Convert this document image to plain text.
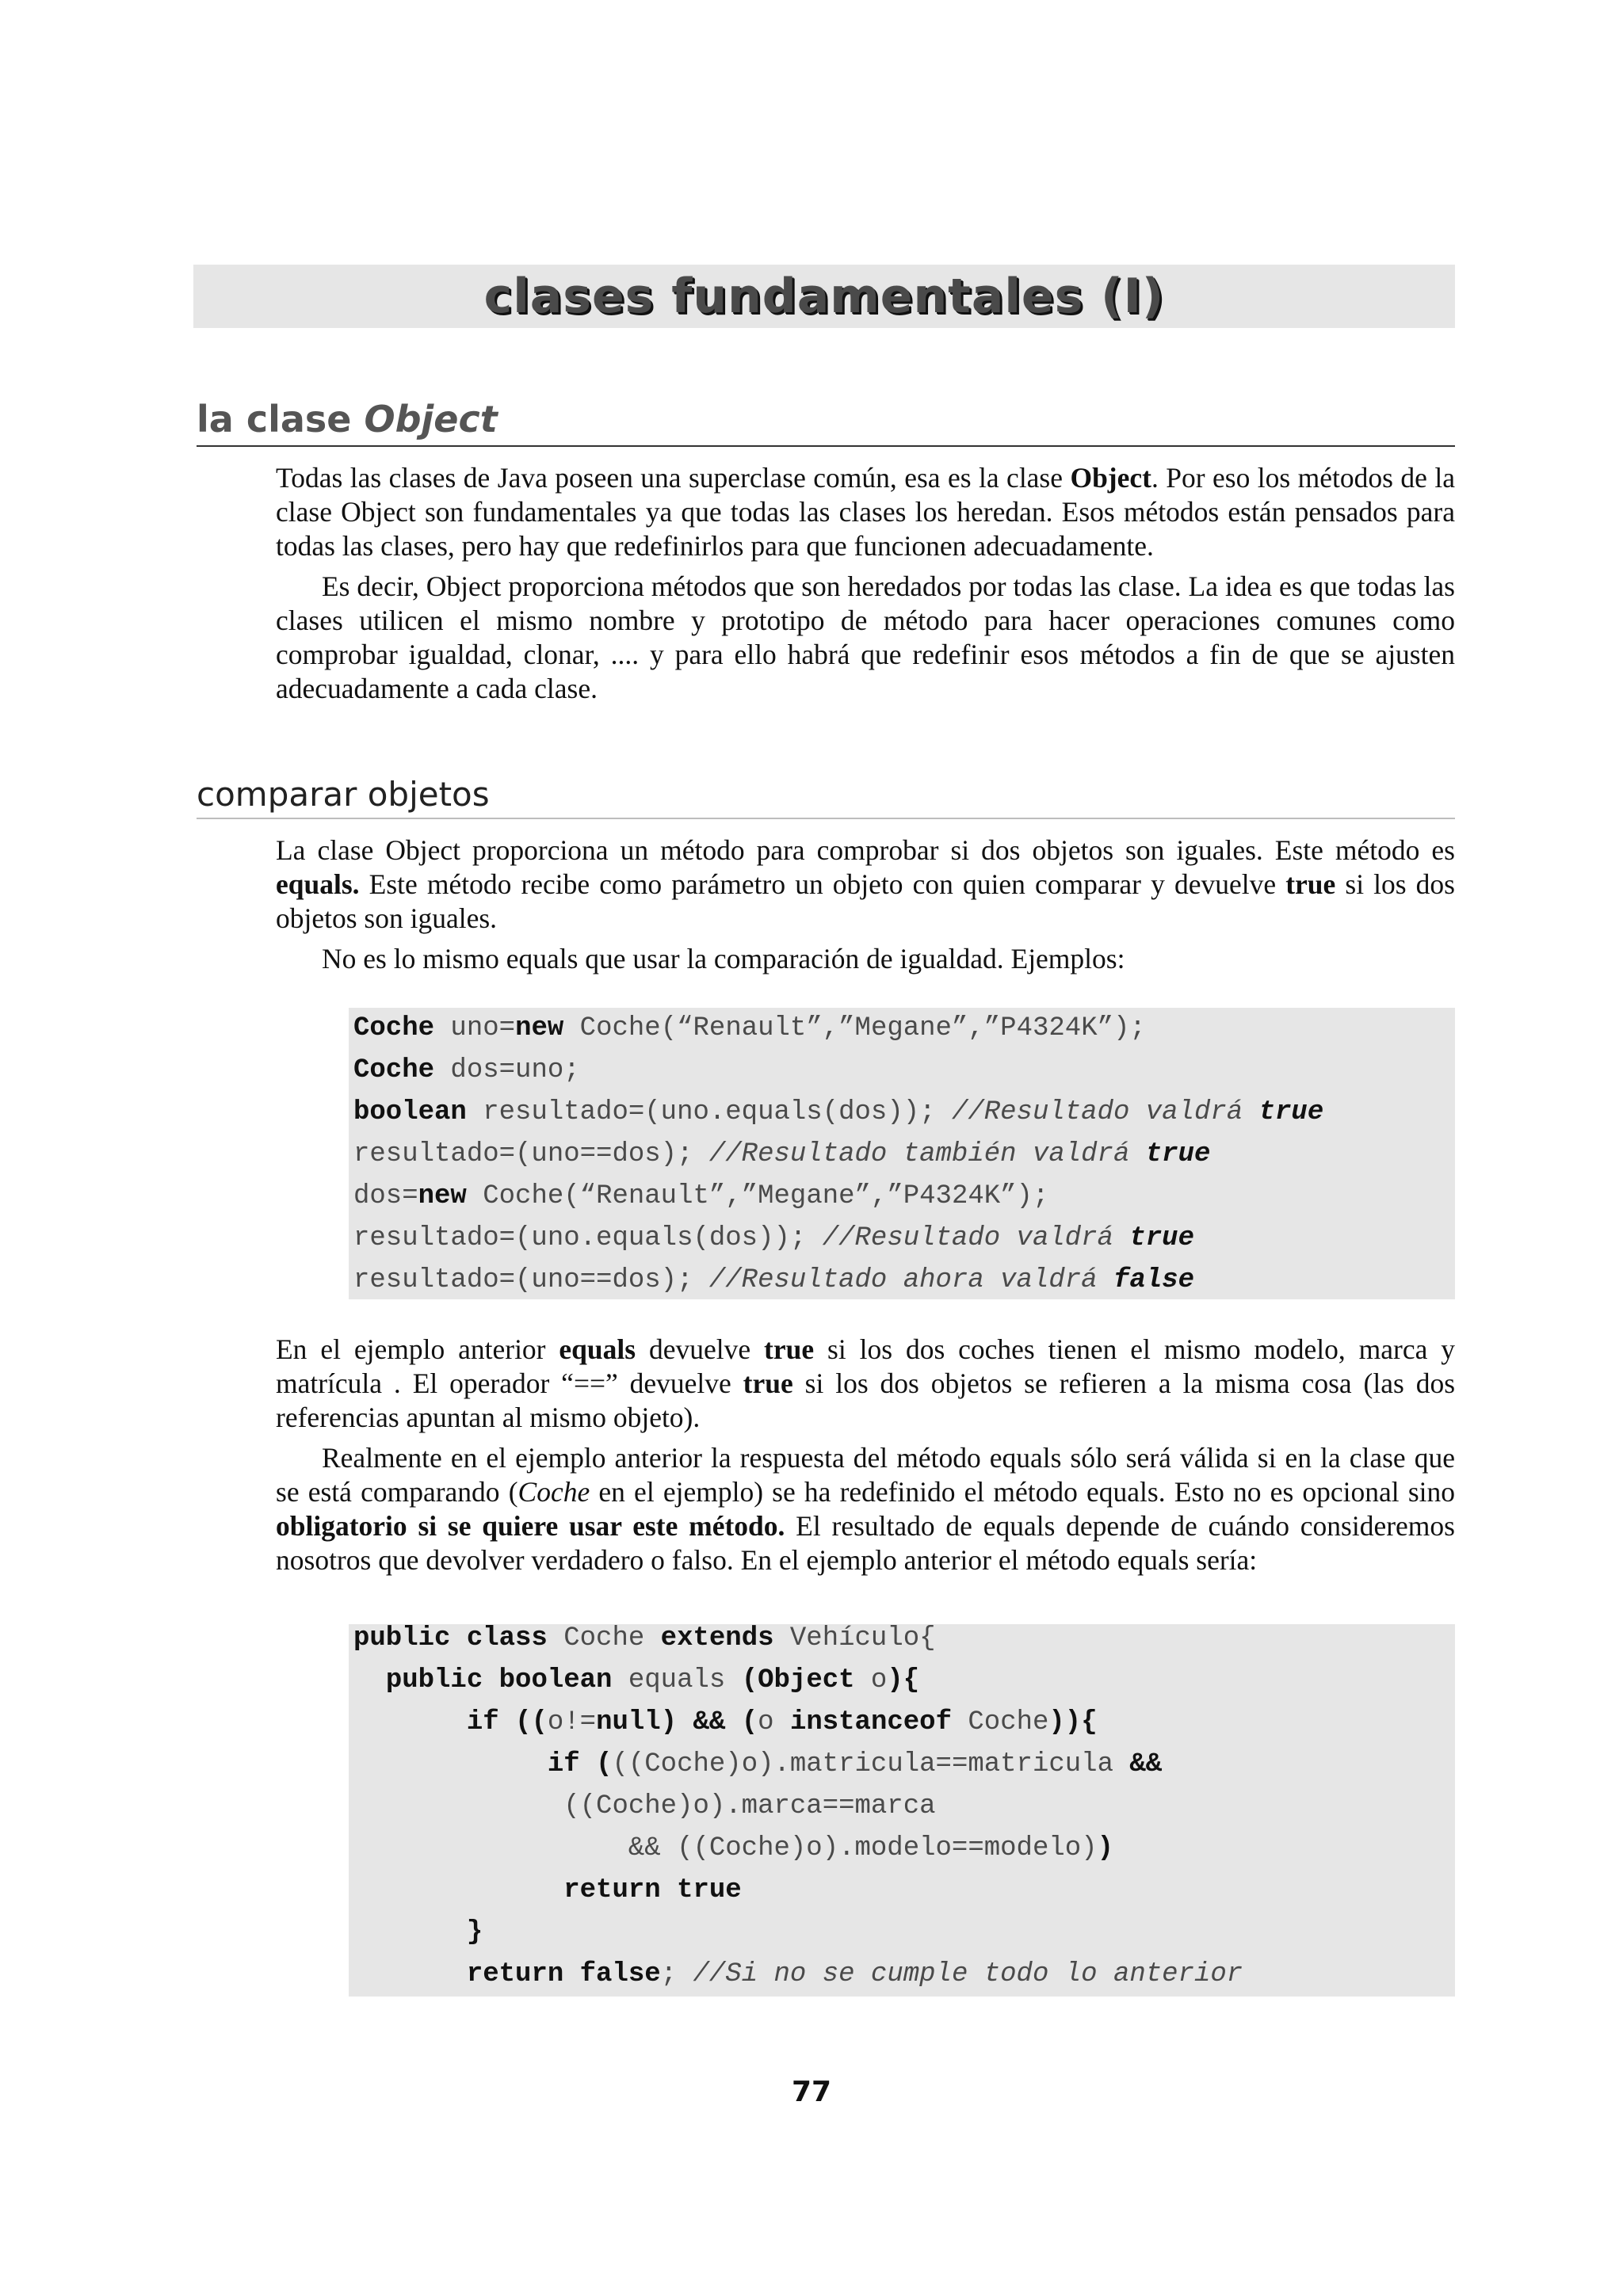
clases fundamentales (I)
la clase Object

Todas las clases de Java poseen una superclase común, esa es la clase Object. Por eso los métodos de la clase Object son fundamentales ya que todas las clases los heredan. Esos métodos están pensados para todas las clases, pero hay que redefinirlos para que funcionen adecuadamente.

Es decir, Object proporciona métodos que son heredados por todas las clase. La idea es que todas las clases utilicen el mismo nombre y prototipo de método para hacer operaciones comunes como comprobar igualdad, clonar, .... y para ello habrá que redefinir esos métodos a fin de que se ajusten adecuadamente a cada clase.

comparar objetos

La clase Object proporciona un método para comprobar si dos objetos son iguales. Este método es equals. Este método recibe como parámetro un objeto con quien comparar y devuelve true si los dos objetos son iguales.

No es lo mismo equals que usar la comparación de igualdad. Ejemplos:

Coche uno=new Coche(“Renault”,”Megane”,”P4324K”);
Coche dos=uno;
boolean resultado=(uno.equals(dos)); //Resultado valdrá true
resultado=(uno==dos); //Resultado también valdrá true
dos=new Coche(“Renault”,”Megane”,”P4324K”);
resultado=(uno.equals(dos)); //Resultado valdrá true
resultado=(uno==dos); //Resultado ahora valdrá false

En el ejemplo anterior equals devuelve true si los dos coches tienen el mismo modelo, marca y matrícula . El operador “==” devuelve true si los dos objetos se refieren a la misma cosa (las dos referencias apuntan al mismo objeto).

Realmente en el ejemplo anterior la respuesta del método equals sólo será válida si en la clase que se está comparando (Coche en el ejemplo) se ha redefinido el método equals. Esto no es opcional sino obligatorio si se quiere usar este método. El resultado de equals depende de cuándo consideremos nosotros que devolver verdadero o falso. En el ejemplo anterior el método equals sería:

public class Coche extends Vehículo{
public boolean equals (Object o){
if ((o!=null) && (o instanceof Coche)){
if (((Coche)o).matricula==matricula &&
((Coche)o).marca==marca
&& ((Coche)o).modelo==modelo))
return true
}
return false; //Si no se cumple todo lo anterior
77
